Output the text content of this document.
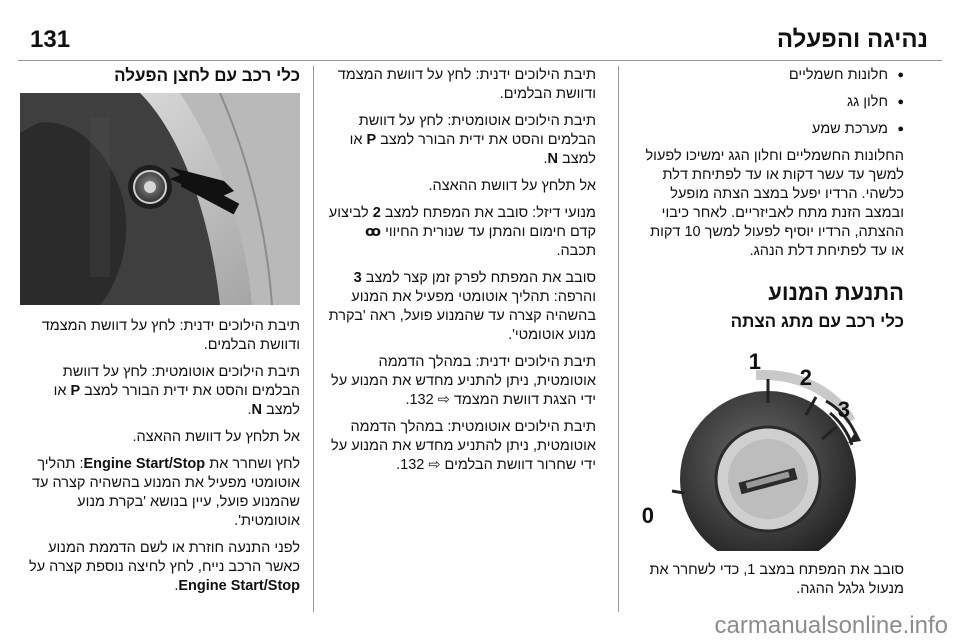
131	נהיגה והפעלה

● חלונות חשמליים

● חלון גג

● מערכת שמע

החלונות החשמליים וחלון הגג ימשיכו לפעול למשך עד עשר דקות או עד לפתיחת דלת כלשהי. הרדיו יפעל במצב הצתה מופעל ובמצב הזנת מתח לאביזריים. לאחר כיבוי ההצתה, הרדיו יוסיף לפעול למשך 10 דקות או עד לפתיחת דלת הנהג.

התנעת המנוע
כלי רכב עם מתג הצתה
1
2
3
0

סובב את המפתח במצב 1, כדי לשחרר את מנעול גלגל ההגה.

תיבת הילוכים ידנית: לחץ על דוושת המצמד ודוושת הבלמים.

תיבת הילוכים אוטומטית: לחץ על דוושת הבלמים והסט את ידית הבורר למצב P או למצב N.

אל תלחץ על דוושת ההאצה.

מנועי דיזל: סובב את המפתח למצב 2 לביצוע קדם חימום והמתן עד שנורית החיווי ꝏ תכבה.

סובב את המפתח לפרק זמן קצר למצב 3 והרפה: תהליך אוטומטי מפעיל את המנוע בהשהיה קצרה עד שהמנוע פועל, ראה 'בקרת מנוע אוטומטי'.

תיבת הילוכים ידנית: במהלך הדממה אוטומטית, ניתן להתניע מחדש את המנוע על ידי הצגת דוושת המצמד ⇨ 132.

תיבת הילוכים אוטומטית: במהלך הדממה אוטומטית, ניתן להתניע מחדש את המנוע על ידי שחרור דוושת הבלמים ⇨ 132.

כלי רכב עם לחצן הפעלה

תיבת הילוכים ידנית: לחץ על דוושת המצמד ודוושת הבלמים.

תיבת הילוכים אוטומטית: לחץ על דוושת הבלמים והסט את ידית הבורר למצב P או למצב N.

אל תלחץ על דוושת ההאצה.

לחץ ושחרר את Engine Start/Stop: תהליך אוטומטי מפעיל את המנוע בהשהיה קצרה עד שהמנוע פועל, עיין בנושא 'בקרת מנוע אוטומטית'.

לפני התנעה חוזרת או לשם הדממת המנוע כאשר הרכב נייח, לחץ לחיצה נוספת קצרה על Engine Start/Stop.

carmanualsonline.info
